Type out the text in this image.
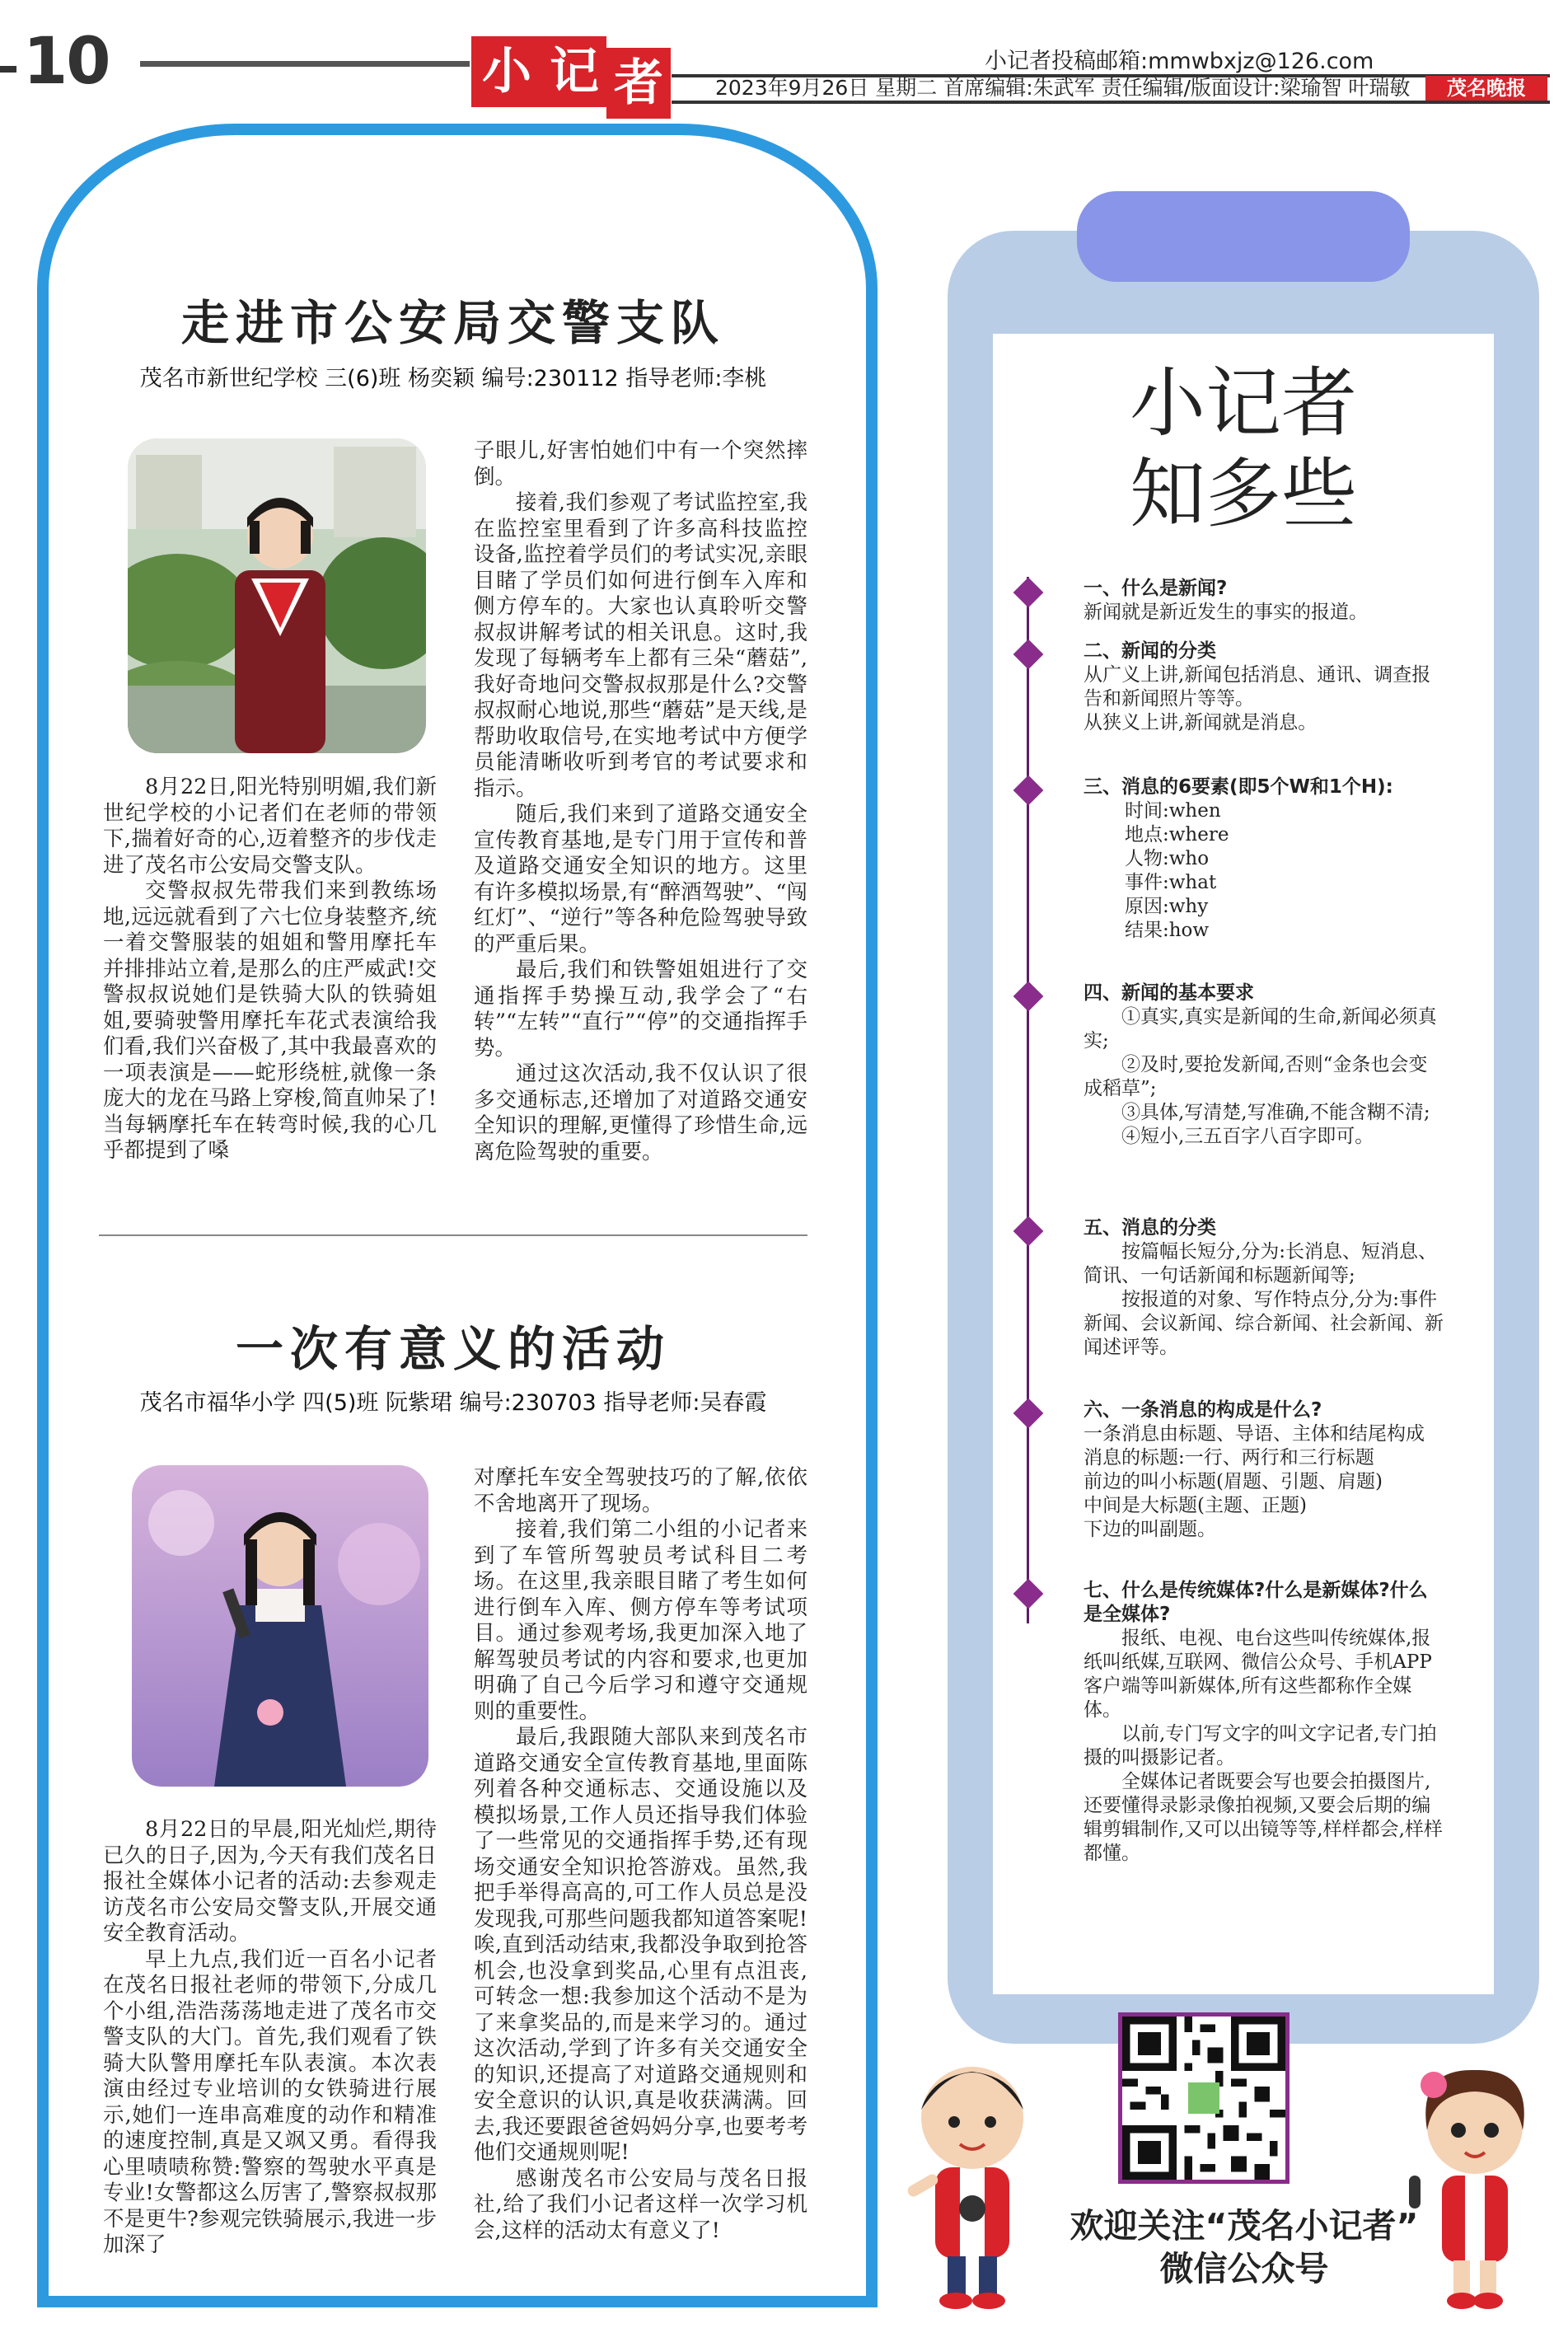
10	小 记 者	小记者投稿邮箱:mmwbxjz@126.com
2023年9月26日 星期二 首席编辑:朱武军 责任编辑/版面设计:梁瑜智 叶瑞敏	茂名晚报
走进市公安局交警支队
茂名市新世纪学校 三(6)班 杨奕颖 编号:230112 指导老师:李桃

8月22日,阳光特别明媚,我们新世纪学校的小记者们在老师的带领下,揣着好奇的心,迈着整齐的步伐走进了茂名市公安局交警支队。

交警叔叔先带我们来到教练场地,远远就看到了六七位身装整齐,统一着交警服装的姐姐和警用摩托车并排排站立着,是那么的庄严威武!交警叔叔说她们是铁骑大队的铁骑姐姐,要骑驶警用摩托车花式表演给我们看,我们兴奋极了,其中我最喜欢的一项表演是——蛇形绕桩,就像一条庞大的龙在马路上穿梭,简直帅呆了!当每辆摩托车在转弯时候,我的心几乎都提到了嗓

子眼儿,好害怕她们中有一个突然摔倒。

接着,我们参观了考试监控室,我在监控室里看到了许多高科技监控设备,监控着学员们的考试实况,亲眼目睹了学员们如何进行倒车入库和侧方停车的。大家也认真聆听交警叔叔讲解考试的相关讯息。这时,我发现了每辆考车上都有三朵“蘑菇”,我好奇地问交警叔叔那是什么?交警叔叔耐心地说,那些“蘑菇”是天线,是帮助收取信号,在实地考试中方便学员能清晰收听到考官的考试要求和指示。

随后,我们来到了道路交通安全宣传教育基地,是专门用于宣传和普及道路交通安全知识的地方。这里有许多模拟场景,有“醉酒驾驶”、“闯红灯”、“逆行”等各种危险驾驶导致的严重后果。

最后,我们和铁警姐姐进行了交通指挥手势操互动,我学会了“右转”“左转”“直行”“停”的交通指挥手势。

通过这次活动,我不仅认识了很多交通标志,还增加了对道路交通安全知识的理解,更懂得了珍惜生命,远离危险驾驶的重要。

一次有意义的活动
茂名市福华小学 四(5)班 阮紫珺 编号:230703 指导老师:吴春霞

8月22日的早晨,阳光灿烂,期待已久的日子,因为,今天有我们茂名日报社全媒体小记者的活动:去参观走访茂名市公安局交警支队,开展交通安全教育活动。

早上九点,我们近一百名小记者在茂名日报社老师的带领下,分成几个小组,浩浩荡荡地走进了茂名市交警支队的大门。首先,我们观看了铁骑大队警用摩托车队表演。本次表演由经过专业培训的女铁骑进行展示,她们一连串高难度的动作和精准的速度控制,真是又飒又勇。看得我心里啧啧称赞:警察的驾驶水平真是专业!女警都这么厉害了,警察叔叔那不是更牛?参观完铁骑展示,我进一步加深了

对摩托车安全驾驶技巧的了解,依依不舍地离开了现场。

接着,我们第二小组的小记者来到了车管所驾驶员考试科目二考场。在这里,我亲眼目睹了考生如何进行倒车入库、侧方停车等考试项目。通过参观考场,我更加深入地了解驾驶员考试的内容和要求,也更加明确了自己今后学习和遵守交通规则的重要性。

最后,我跟随大部队来到茂名市道路交通安全宣传教育基地,里面陈列着各种交通标志、交通设施以及模拟场景,工作人员还指导我们体验了一些常见的交通指挥手势,还有现场交通安全知识抢答游戏。虽然,我把手举得高高的,可工作人员总是没发现我,可那些问题我都知道答案呢!唉,直到活动结束,我都没争取到抢答机会,也没拿到奖品,心里有点沮丧,可转念一想:我参加这个活动不是为了来拿奖品的,而是来学习的。通过这次活动,学到了许多有关交通安全的知识,还提高了对道路交通规则和安全意识的认识,真是收获满满。回去,我还要跟爸爸妈妈分享,也要考考他们交通规则呢!

感谢茂名市公安局与茂名日报社,给了我们小记者这样一次学习机会,这样的活动太有意义了!

小记者
知多些
一、什么是新闻?

新闻就是新近发生的事实的报道。

二、新闻的分类

从广义上讲,新闻包括消息、通讯、调查报告和新闻照片等等。

从狭义上讲,新闻就是消息。

三、消息的6要素(即5个W和1个H):

时间:when

地点:where

人物:who

事件:what

原因:why

结果:how

四、新闻的基本要求

①真实,真实是新闻的生命,新闻必须真实;

②及时,要抢发新闻,否则“金条也会变成稻草”;

③具体,写清楚,写准确,不能含糊不清;

④短小,三五百字八百字即可。

五、消息的分类

按篇幅长短分,分为:长消息、短消息、简讯、一句话新闻和标题新闻等;

按报道的对象、写作特点分,分为:事件新闻、会议新闻、综合新闻、社会新闻、新闻述评等。

六、一条消息的构成是什么?

一条消息由标题、导语、主体和结尾构成

消息的标题:一行、两行和三行标题

前边的叫小标题(眉题、引题、肩题)

中间是大标题(主题、正题)

下边的叫副题。

七、什么是传统媒体?什么是新媒体?什么是全媒体?

报纸、电视、电台这些叫传统媒体,报纸叫纸媒,互联网、微信公众号、手机APP客户端等叫新媒体,所有这些都称作全媒体。

以前,专门写文字的叫文字记者,专门拍摄的叫摄影记者。

全媒体记者既要会写也要会拍摄图片,还要懂得录影录像拍视频,又要会后期的编辑剪辑制作,又可以出镜等等,样样都会,样样都懂。

欢迎关注“茂名小记者”
微信公众号
